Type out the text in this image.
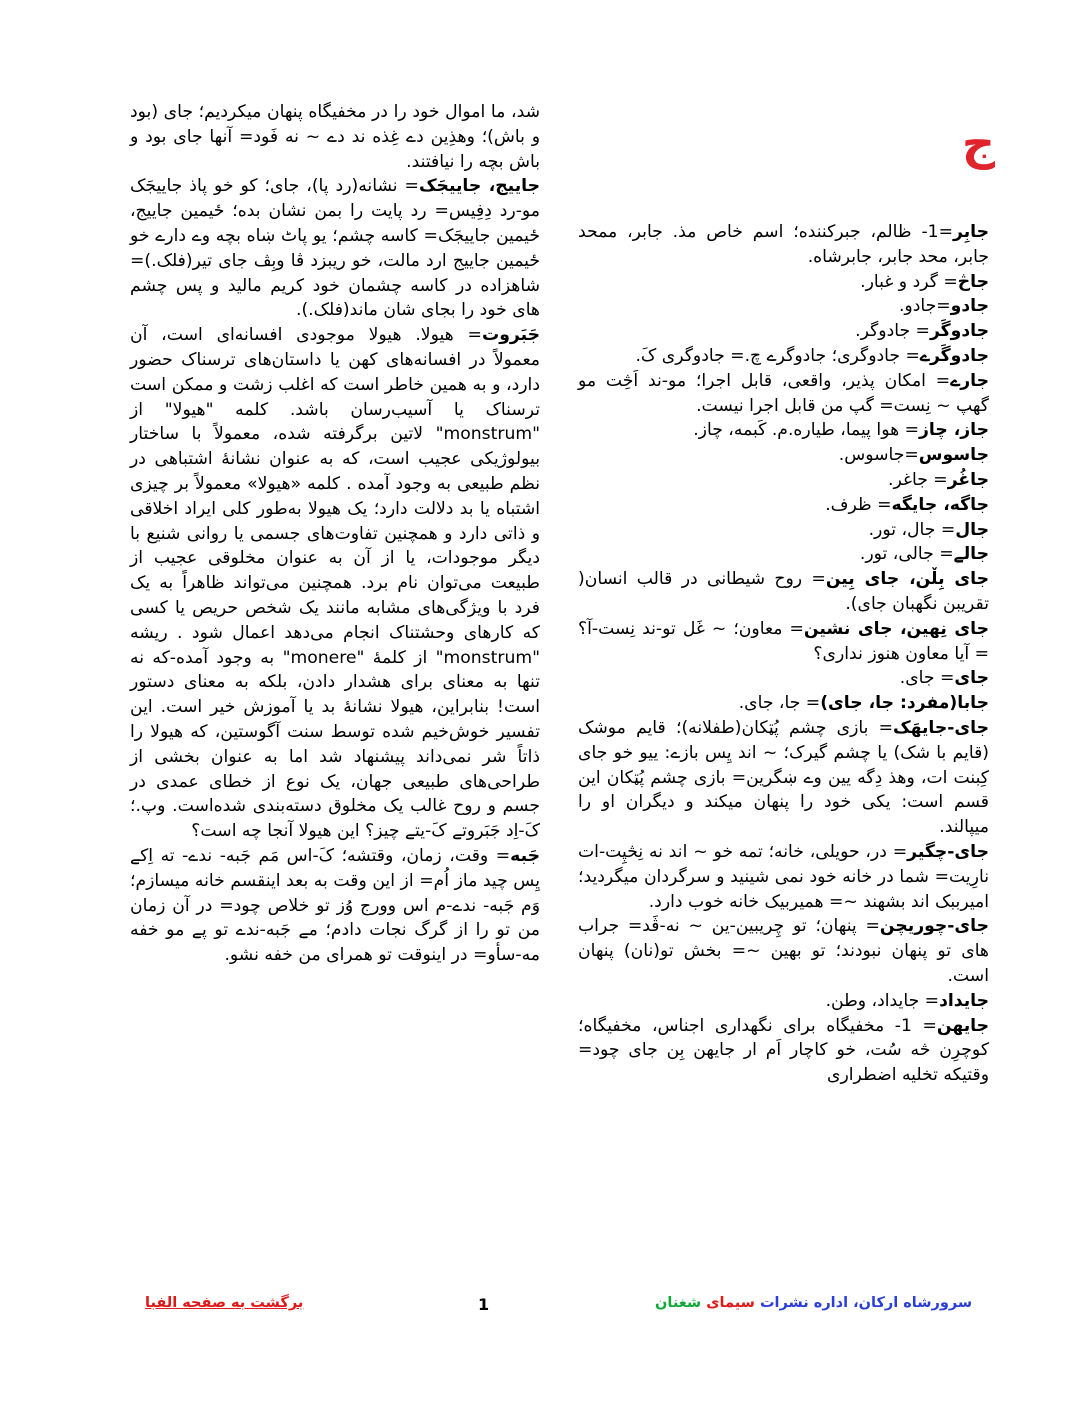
ج

جابِر=1- ظالم، جبرکننده؛ اسم خاص مذ. جابر، ممحد جابر، محد جابر، جابرشاه.

جاڅ= گرد و غبار.

جادو=جادو.

جادوگَر= جادوگر.

جادوگَرے= جادوگری؛ جادوگرے چ.= جادوگری کَ.

جارے= امکان پذیر، واقعی، قابل اجرا؛ مو-ند اَڅِت مو گهپ ~ نِست= گپ من قابل اجرا نیست.

جاز، چاز= هوا پیما، طیاره.م. کَبمه، چاز.

جاسوس=جاسوس.

جاغُر= جاغر.

جاگه، جایگه= ظرف.

جال= جال، تور.

جالے= جالی، تور.

جای بِڵن، جای بِین= روح شیطانی در قالب انسان( تقریبن نگهبان جای).

جای نِهین، جای نشین= معاون؛ ~ غَل تو-ند نِست-آ؟= آیا معاون هنوز نداری؟

جای= جای.

جابا(مفرد: جا، جای)= جا، جای.

جای-جایهَک= بازی چشم پُټکان(طفلانه)؛ قایم موشک (قایم با شک) یا چشم گیرک؛ ~ اند یِس بازے: ییو خو جای کِبنت ات، وهذ دِگه یین وے ښگرین= بازی چشم پُټکان این قسم است: یکی خود را پنهان میکند و دیگران او را میپالند.

جای-چگیر= در، حویلی، خانه؛ تمه خو ~ اند نه نِڅپِت-ات نارِیت= شما در خانه خود نمی شینید و سرگردان میگردید؛ امیرببک اند بشهند ~= همیربیک خانه خوب دارد.

جای-چوریچن= پنهان؛ تو چِریبین-ین ~ نه-ڤَد= جراب های تو پنهان نبودند؛ تو بهین ~= بخش تو(نان) پنهان است.

جایداد= جایداد، وطن.

جایهن= 1- مخفیگاه برای نگهداری اجناس، مخفیگاه؛ کوچرِن څه سُت، خو کاچار اَم ار جایهن بِن جای چود= وقتیکه تخلیه اضطراری

شد، ما اموال خود را در مخفیگاه پنهان میکردیم؛ جای (بود و باش)؛ وهذِین دے غِذه ند دے ~ نه فَود= آنها جای بود و باش بچه را نیافتند.

جاییج، جاییجَک= نشانه(رد پا)، جای؛ کو خو پاذ جاییجَک مو-رد دِفِیس= رد پایت را بمن نشان بده؛ ځیمین جاییج، ځیمین جاییجَک= کاسه چشم؛ یو پاٹ ښاه بچه وے دارے خو ځیمین جاییج ارد مالت، خو ریبزد ڤا وبِڤ جای تیر(فلک.)= شاهزاده در کاسه چشمان خود کریم مالید و پس چشم های خود را بجای شان ماند(فلک.).

جَبَروت= هیولا. هیولا موجودی افسانه‌ای است، آن معمولاً در افسانه‌های کهن یا داستان‌های ترسناک حضور دارد، و به همین خاطر است که اغلب زشت و ممکن است ترسناک یا آسیب‌رسان باشد. کلمه "هیولا" از "monstrum" لاتین برگرفته شده، معمولاً با ساختار بیولوژیکی عجیب است، که به عنوان نشانهٔ اشتباهی در نظم طبیعی به وجود آمده . کلمه «هیولا» معمولاً بر چیزی اشتباه یا بد دلالت دارد؛ یک هیولا به‌طور کلی ایراد اخلاقی و ذاتی دارد و همچنین تفاوت‌های جسمی یا روانی شنیع با دیگر موجودات، یا از آن به عنوان مخلوقی عجیب از طبیعت می‌توان نام برد. همچنین می‌تواند ظاهراً به یک فرد با ویژگی‌های مشابه مانند یک شخص حریص یا کسی که کارهای وحشتناک انجام می‌دهد اعمال شود . ریشه "monstrum" از کلمهٔ "monere" به وجود آمده-که نه تنها به معنای برای هشدار دادن، بلکه به معنای دستور است! بنابراین، هیولا نشانهٔ بد یا آموزش خیر است. این تفسیر خوش‌خیم شده توسط سنت آگوستین، که هیولا را ذاتاً شر نمی‌داند پیشنهاد شد اما به عنوان بخشی از طراحی‌های طبیعی جهان، یک نوع از خطای عمدی در جسم و روح غالب یک مخلوق دسته‌بندی شده‌است. وپ.؛ کَ-اِد جَبَروتے کَ-یتے چیز؟ این هیولا آنجا چه است؟

جَبه= وقت، زمان، وقتشه؛ کَ-اس مَم جَبه- ندے- ته اِکے یِس چید ماز اُم= از این وقت به بعد اینقسم خانه میسازم؛ وَم جَبه- ندے-م اس وورج وُز تو خلاص چود= در آن زمان من تو را از گرگ نجات دادم؛ مے جَبه-ندے تو پے مو خفه مه-سأو= در اینوقت تو همرای من خفه نشو.

برگشت به صفحه الفبا	1	سرورشاه ارکان، اداره نشرات سیمای شغنان
